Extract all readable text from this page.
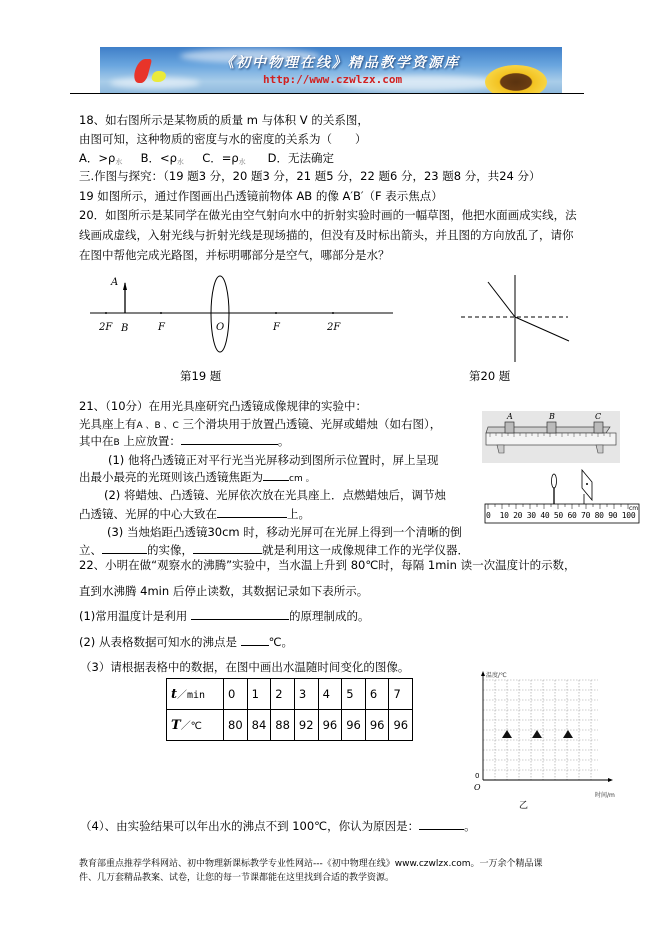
《初中物理在线》精品教学资源库
http://www.czwlzx.com
18、如右图所示是某物质的质量 m 与体积 V 的关系图，
由图可知，这种物质的密度与水的密度的关系为（　　）
A．$>\rho_水$ B．$<\rho_水$ C．$=\rho_水$ D．无法确定
三.作图与探究：（19 题3 分，20 题3 分，21 题5 分，22 题6 分，23 题8 分，共24 分）
19 如图所示，通过作图画出凸透镜前物体 AB 的像 A′B′（F 表示焦点）
20．如图所示是某同学在做光由空气射向水中的折射实验时画的一幅草图，他把水面画成实线，法
线画成虚线，入射光线与折射光线是现场描的，但没有及时标出箭头，并且图的方向放乱了，请你
在图中帮他完成光路图，并标明哪部分是空气，哪部分是水？
A
2F B	F	O	F	2F
第19 题	第20 题
21、（10分）在用光具座研究凸透镜成像规律的实验中：
光具座上有A 、B 、C 三个滑块用于放置凸透镜、光屏或蜡烛（如右图），
其中在B 上应放置：	。
(1) 他将凸透镜正对平行光当光屏移动到图所示位置时，屏上呈现
出最小最亮的光斑则该凸透镜焦距为	cm 。
(2) 将蜡烛、凸透镜、光屏依次放在光具座上．点燃蜡烛后，调节烛
凸透镜、光屏的中心大致在	上。
(3) 当烛焰距凸透镜30cm 时，移动光屏可在光屏上得到一个清晰的倒
立、	的实像，	就是利用这一成像规律工作的光学仪器．
A	B	C
0 10 20 30 40 50 60 70 80 90 100
cm
22、小明在做“观察水的沸腾”实验中，当水温上升到 80℃时，每隔 1min 读一次温度计的示数，
直到水沸腾 4min 后停止读数，其数据记录如下表所示。
(1)常用温度计是利用	的原理制成的。
(2) 从表格数据可知水的沸点是	℃。
（3）请根据表格中的数据，在图中画出水温随时间变化的图像。
t／min	0	1	2	3	4	5	6	7
T／℃	80	84	88	92	96	96	96	96
温度/℃
时间/m
O
0
乙
（4）、由实验结果可以年出水的沸点不到 100℃，你认为原因是：	。
教育部重点推荐学科网站、初中物理新课标教学专业性网站---《初中物理在线》www.czwlzx.com。一万余个精品课
件、几万套精品教案、试卷，让您的每一节课都能在这里找到合适的教学资源。
